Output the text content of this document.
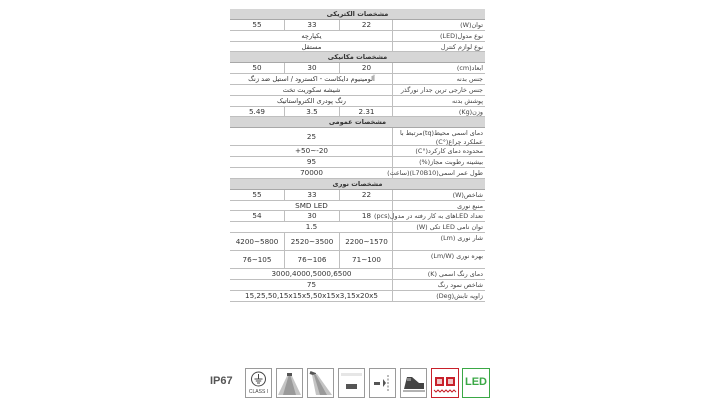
مشخصات الکتریکی
55	33	22	توان(W)
یکپارچه	نوع مدول(LED)
مستقل	نوع لوازم کنترل
مشخصات مکانیکی
50	30	20	ابعاد(cm)
آلومینیوم دایکاست - اکسترود / استیل ضد زنگ	جنس بدنه
شیشه سکوریت تخت	جنس خارجی ترین جدار نورگذر
رنگ پودری الکترواستاتیک	پوشش بدنه
5.49	3.5	2.31	وزن(Kg)
مشخصات عمومی
25	دمای اسمی محیط(tq)مرتبط با عملکرد چراغ(°C)
+50~-20	محدوده دمای کارکرد(°C)
95	بیشینه رطوبت مجاز(%)
70000	طول عمر اسمی(L70B10)(ساعت)
مشخصات نوری
55	33	22	شاخص(W)
SMD LED	منبع نوری
54	30	18 تعداد LEDهای به کار رفته در مدول(pcs)
1.5	توان نامی LED تکی (W)
4200~5800	2520~3500	2200~1570	شار نوری (Lm)
76~105	76~106	71~100	بهره نوری (Lm/W)
3000,4000,5000,6500	دمای رنگ اسمی (K)
75	شاخص نمود رنگ
15,25,50,15x15x5,50x15x3,15x20x5	زاویه تابش(Deg)
IP67
CLASS I
LED
